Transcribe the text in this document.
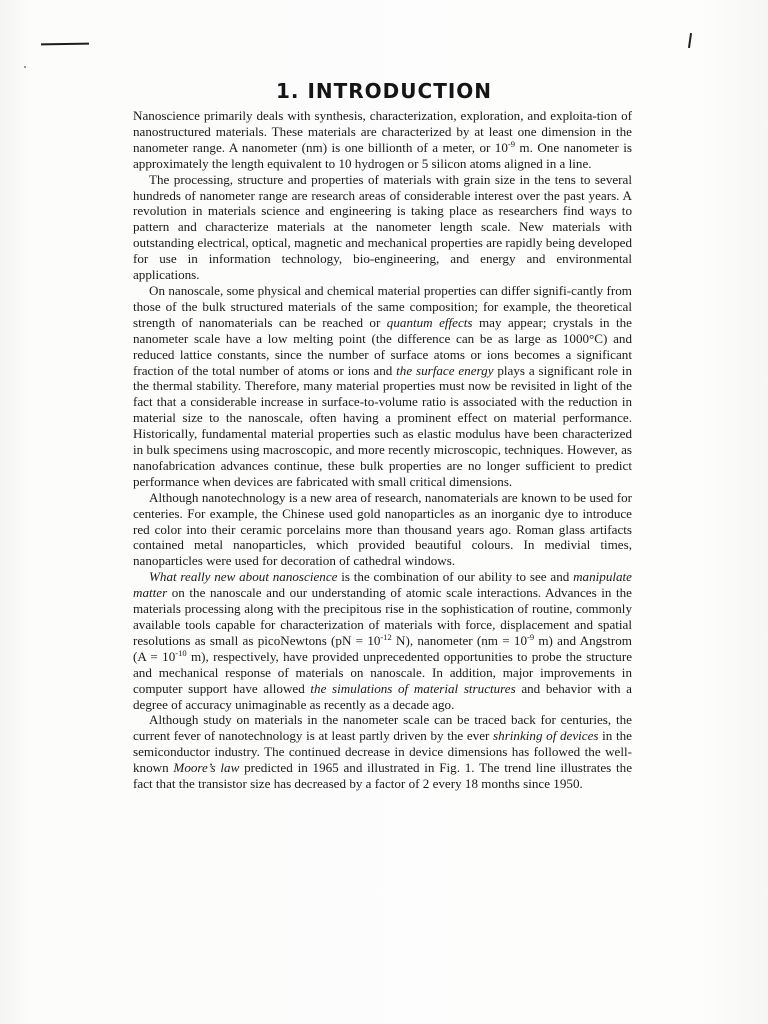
1. INTRODUCTION

Nanoscience primarily deals with synthesis, characterization, exploration, and exploita-tion of nanostructured materials. These materials are characterized by at least one dimension in the nanometer range. A nanometer (nm) is one billionth of a meter, or $10^{-9}$ m. One nanometer is approximately the length equivalent to 10 hydrogen or 5 silicon atoms aligned in a line.

The processing, structure and properties of materials with grain size in the tens to several hundreds of nanometer range are research areas of considerable interest over the past years. A revolution in materials science and engineering is taking place as researchers find ways to pattern and characterize materials at the nanometer length scale. New materials with outstanding electrical, optical, magnetic and mechanical properties are rapidly being developed for use in information technology, bio-engineering, and energy and environmental applications.

On nanoscale, some physical and chemical material properties can differ signifi-cantly from those of the bulk structured materials of the same composition; for example, the theoretical strength of nanomaterials can be reached or quantum effects may appear; crystals in the nanometer scale have a low melting point (the difference can be as large as 1000°C) and reduced lattice constants, since the number of surface atoms or ions becomes a significant fraction of the total number of atoms or ions and the surface energy plays a significant role in the thermal stability. Therefore, many material properties must now be revisited in light of the fact that a considerable increase in surface-to-volume ratio is associated with the reduction in material size to the nanoscale, often having a prominent effect on material performance. Historically, fundamental material properties such as elastic modulus have been characterized in bulk specimens using macroscopic, and more recently microscopic, techniques. However, as nanofabrication advances continue, these bulk properties are no longer sufficient to predict performance when devices are fabricated with small critical dimensions.

Although nanotechnology is a new area of research, nanomaterials are known to be used for centeries. For example, the Chinese used gold nanoparticles as an inorganic dye to introduce red color into their ceramic porcelains more than thousand years ago. Roman glass artifacts contained metal nanoparticles, which provided beautiful colours. In medivial times, nanoparticles were used for decoration of cathedral windows.

What really new about nanoscience is the combination of our ability to see and manipulate matter on the nanoscale and our understanding of atomic scale interactions. Advances in the materials processing along with the precipitous rise in the sophistication of routine, commonly available tools capable for characterization of materials with force, displacement and spatial resolutions as small as picoNewtons ($pN = 10^{-12}$ N), nanometer ($nm = 10^{-9}$ m) and Angstrom ($A = 10^{-10}$ m), respectively, have provided unprecedented opportunities to probe the structure and mechanical response of materials on nanoscale. In addition, major improvements in computer support have allowed the simulations of material structures and behavior with a degree of accuracy unimaginable as recently as a decade ago.

Although study on materials in the nanometer scale can be traced back for centuries, the current fever of nanotechnology is at least partly driven by the ever shrinking of devices in the semiconductor industry. The continued decrease in device dimensions has followed the well-known Moore’s law predicted in 1965 and illustrated in Fig. 1. The trend line illustrates the fact that the transistor size has decreased by a factor of 2 every 18 months since 1950.
